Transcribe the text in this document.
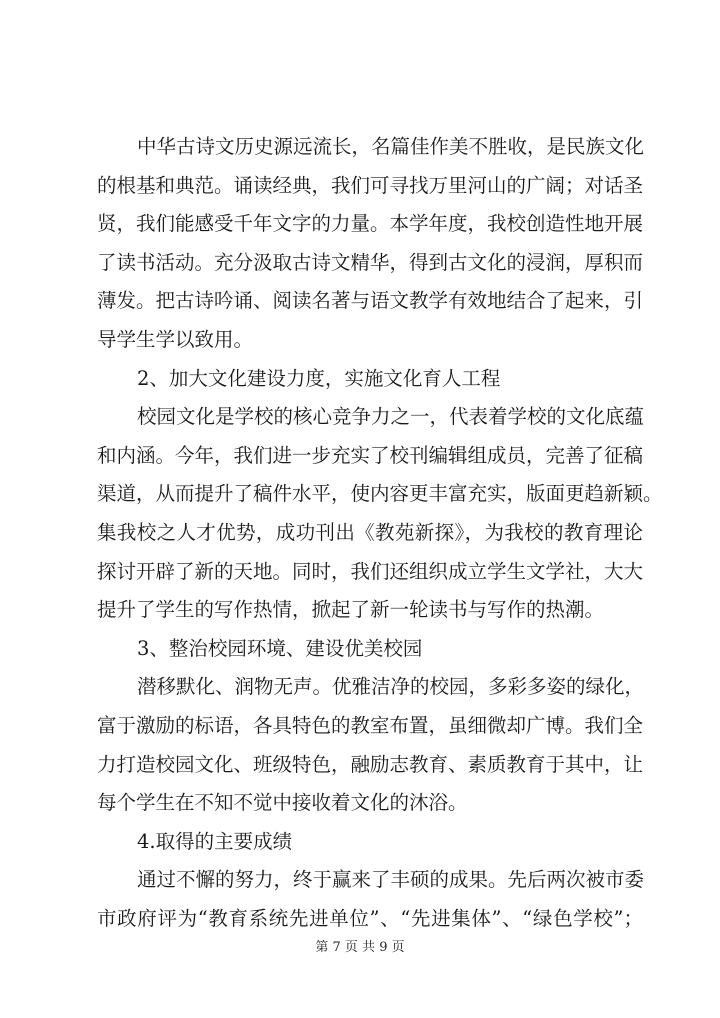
中华古诗文历史源远流长，名篇佳作美不胜收，是民族文化
的根基和典范。诵读经典，我们可寻找万里河山的广阔；对话圣
贤，我们能感受千年文字的力量。本学年度，我校创造性地开展
了读书活动。充分汲取古诗文精华，得到古文化的浸润，厚积而
薄发。把古诗吟诵、阅读名著与语文教学有效地结合了起来，引
导学生学以致用。
2、加大文化建设力度，实施文化育人工程
校园文化是学校的核心竞争力之一，代表着学校的文化底蕴
和内涵。今年，我们进一步充实了校刊编辑组成员，完善了征稿
渠道，从而提升了稿件水平，使内容更丰富充实，版面更趋新颖。
集我校之人才优势，成功刊出《教苑新探》，为我校的教育理论
探讨开辟了新的天地。同时，我们还组织成立学生文学社，大大
提升了学生的写作热情，掀起了新一轮读书与写作的热潮。
3、整治校园环境、建设优美校园
潜移默化、润物无声。优雅洁净的校园，多彩多姿的绿化，
富于激励的标语，各具特色的教室布置，虽细微却广博。我们全
力打造校园文化、班级特色，融励志教育、素质教育于其中，让
每个学生在不知不觉中接收着文化的沐浴。
4.取得的主要成绩
通过不懈的努力，终于赢来了丰硕的成果。先后两次被市委
市政府评为“教育系统先进单位”、“先进集体”、“绿色学校”；
第 7 页 共 9 页
